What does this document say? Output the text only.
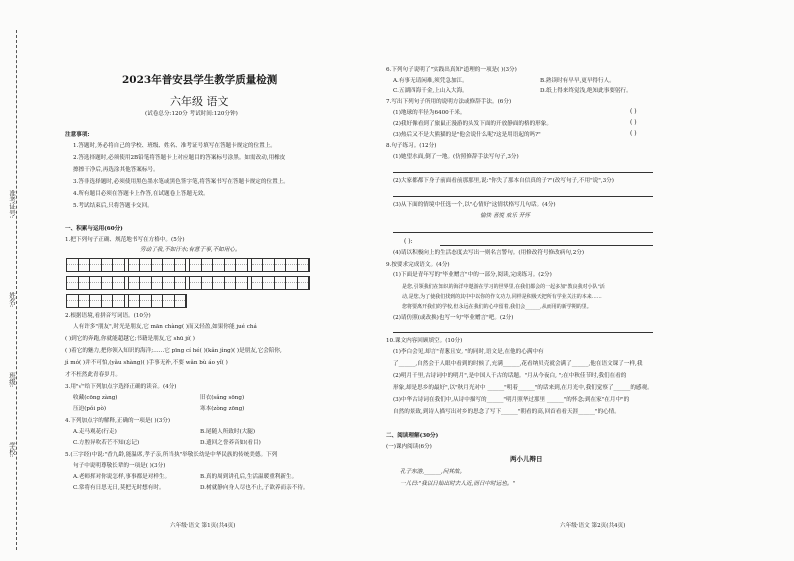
准考证号:
姓名:
班级:
学校:
2023年普安县学生教学质量检测
六年级 语文
(试卷总分:120分 考试时间:120分钟)
注意事项:
1.答题时,务必将自己的学校、班级、姓名、准考证号填写在答题卡规定的位置上。
2.答选择题时,必须使用2B铅笔将答题卡上对应题目的答案标号涂黑。如需改动,用橡皮
擦擦干净后,再选涂其他答案标号。
3.答非选择题时,必须使用黑色墨水笔或黑色签字笔,将答案书写在答题卡规定的位置上。
4.所有题目必须在答题卡上作答,在试题卷上答题无效。
5.考试结束后,只将答题卡交回。
一、积累与运用(60分)
1.把下列句子正确、规范地书写在方格中。(5分)
劳动了我,不如汗水;有意于事,不如用心。
2.根据语境,看拼音写词语。(10分)
人有许多"朋友",时光是朋友,它 mān chàng( )而又轻盈,如果你能 jué chá
( )到它的奔跑,你就能超越它;书籍是朋友,它 shū jí( )
( )着它的魅力,把你领入知识的海洋;……它 pīng cí hé( )(kǎn jìng)( )是朋友,它会陪你,
jì mó( )并不可怕,(yǎu shàng)( )手事无补,不要 wǎn bù áo yǐ( )
才不枉然此青春岁月。
3.用"√"给下列加点字选择正确的读音。(4分)
收藏(cōng zàng)	旧衣(sǎng sōng)
压迫(pǒi pò)	寒本(zòng zōng)
4.下列加点字的解释,正确的一项是( )(3分)
A.走马观花(行走)	B.尾随人所致时(大腿)
C.方腔异吹若芒不知(忘记)	D.遗回之誉养音如(看目)
5.(三字经)中说:"香九龄,能温席,孝子亲,所当执"举敬长幼是中华民族的传统美德。下列
句子中说明尊敬长辈的一项是( )(3分)
A.老师挥对你说怎样,事事都是对样生。	B.真的周到讲孔后,生活温暖重利新生。
C.常将有日思无日,莫把无时想有时。	D.树就静向身人尽也不止,子欲养而亲不待。
六年级·语文 第1页(共4页)
6.下列句子说明了"实践出真知"道理的一项是( )(3分)
A.有事无请闲难,须凭急加江。	B.熟读时有早早,更早得行人。
C.五湖四海千金,上山入大海。	D.纸上得来终觉浅,绝知此事要躬行。
7.写出下列句子所用的说明方法或修辞手法。(6分)
(1)地球的半径为6400千米。
(2)我好像看到了旅鼠正漫游的头发下面的开放静面的格的形象。
(3)热后又不是大熊猫的是"他会说什么呢?这是用语起的吗?"
( )
( )
( )
8.句子练习。(12分)
(1)她望水面,倒了一地。(仿照修辞手法写句子,3分)
(2)大家都都下身子前面看前那那里,说:"你失了那本自信真的子?"(改写句子,不用"说",3分)
(3)从下面的情境中任选一个,以"心情好"这情状格写几句话。(4分)
愉快 喜悦 欢乐 开怀
( ):
(4)请以积极向上的生活态度去写出一则名言警句。(用修改符号修改病句,2分)
9.按要求完成语文。(4分)
(1)下面是青年写的"毕业赠言"中的一部分,阅读,完成练习。(2分)
是您,引领我们在知识的海洋中遨游在学习的世界里,在我们都会的一起多加"教良我对小队"活
动,是您,为了使我们找到的其中中以你的作文功力,同样是积极天把所有学业关注的本来……
您将要离开我们的学校,但永远在我们的心中留着,我们会______,从而用的新学期的里。
(2)请仿照(或改换)也写一句"毕业赠言"吧。(2分)
10.课文内容回顾填空。(10分)
(1)李白会见,却言"青葱且安, "的同时,语文是,在他的心满中有
了______,自然会于人眼中看到的时候了,充满______,花看纳贝壳就会满了______,他在语文课了一样,我
(2)明月千里,古诗词中的明月",是中国人千古的话题。"月从今夜白, ";在中秋佳节时,我们在看的
形象,却是思乡的最好",以"秋月光对中 ______"明着______"的话来到,在月光中,我们觉察了______的感观。
(3)中华古诗词在我们中,从诗中描写的______"明月照华过那里 ______"的怀念;到在家"在月中"的
自然的景致,到诗人描写出对乡的思念了写下______"朝看的高,回首看看天涯______"的心情。
二、阅读理解(30分)
(一)课内阅读(6分)
两小儿辩日
孔子东游,______,问其故。
一儿曰:"我以日始出时去人近,而日中时远也。"
六年级·语文 第2页(共4页)
